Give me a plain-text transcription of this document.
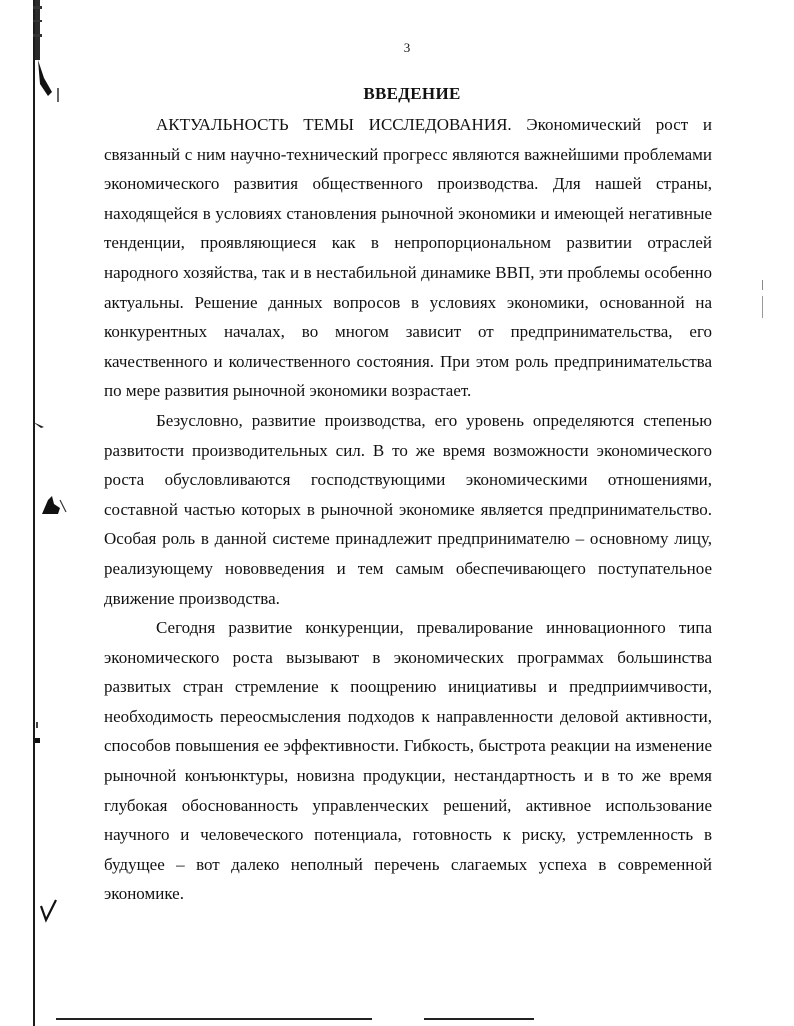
3
ВВЕДЕНИЕ

АКТУАЛЬНОСТЬ ТЕМЫ ИССЛЕДОВАНИЯ. Экономический рост и связанный с ним научно-технический прогресс являются важнейшими проблемами экономического развития общественного производства. Для нашей страны, находящейся в условиях становления рыночной экономики и имеющей негативные тенденции, проявляющиеся как в непропорциональном развитии отраслей народного хозяйства, так и в нестабильной динамике ВВП, эти проблемы особенно актуальны. Решение данных вопросов в условиях экономики, основанной на конкурентных началах, во многом зависит от предпринимательства, его качественного и количественного состояния. При этом роль предпринимательства по мере развития рыночной экономики возрастает.

Безусловно, развитие производства, его уровень определяются степенью развитости производительных сил. В то же время возможности экономического роста обусловливаются господствующими экономическими отношениями, составной частью которых в рыночной экономике является предпринимательство. Особая роль в данной системе принадлежит предпринимателю – основному лицу, реализующему нововведения и тем самым обеспечивающего поступательное движение производства.

Сегодня развитие конкуренции, превалирование инновационного типа экономического роста вызывают в экономических программах большинства развитых стран стремление к поощрению инициативы и предприимчивости, необходимость переосмысления подходов к направленности деловой активности, способов повышения ее эффективности. Гибкость, быстрота реакции на изменение рыночной конъюнктуры, новизна продукции, нестандартность и в то же время глубокая обоснованность управленческих решений, активное использование научного и человеческого потенциала, готовность к риску, устремленность в будущее – вот далеко неполный перечень слагаемых успеха в современной экономике.
